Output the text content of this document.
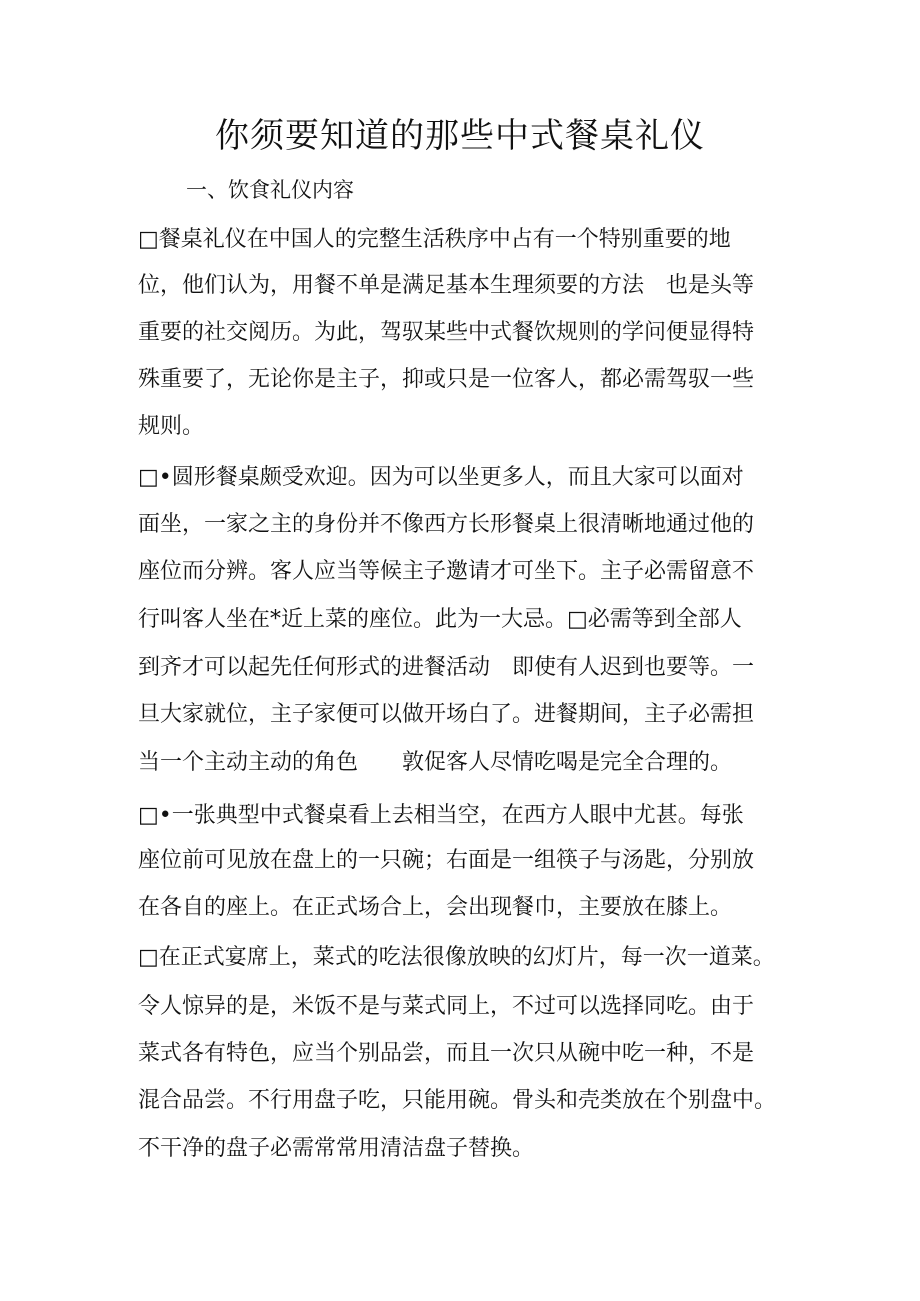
你须要知道的那些中式餐桌礼仪
一、饮食礼仪内容

□餐桌礼仪在中国人的完整生活秩序中占有一个特别重要的地

位，他们认为，用餐不单是满足基本生理须要的方法　也是头等

重要的社交阅历。为此，驾驭某些中式餐饮规则的学问便显得特

殊重要了，无论你是主子，抑或只是一位客人，都必需驾驭一些

规则。

□•圆形餐桌颇受欢迎。因为可以坐更多人，而且大家可以面对

面坐，一家之主的身份并不像西方长形餐桌上很清晰地通过他的

座位而分辨。客人应当等候主子邀请才可坐下。主子必需留意不

行叫客人坐在*近上菜的座位。此为一大忌。□必需等到全部人

到齐才可以起先任何形式的进餐活动　即使有人迟到也要等。一

旦大家就位，主子家便可以做开场白了。进餐期间，主子必需担

当一个主动主动的角色　　敦促客人尽情吃喝是完全合理的。

□•一张典型中式餐桌看上去相当空，在西方人眼中尤甚。每张

座位前可见放在盘上的一只碗；右面是一组筷子与汤匙，分别放

在各自的座上。在正式场合上，会出现餐巾，主要放在膝上。

□在正式宴席上，菜式的吃法很像放映的幻灯片，每一次一道菜。

令人惊异的是，米饭不是与菜式同上，不过可以选择同吃。由于

菜式各有特色，应当个别品尝，而且一次只从碗中吃一种，不是

混合品尝。不行用盘子吃，只能用碗。骨头和壳类放在个别盘中。

不干净的盘子必需常常用清洁盘子替换。
